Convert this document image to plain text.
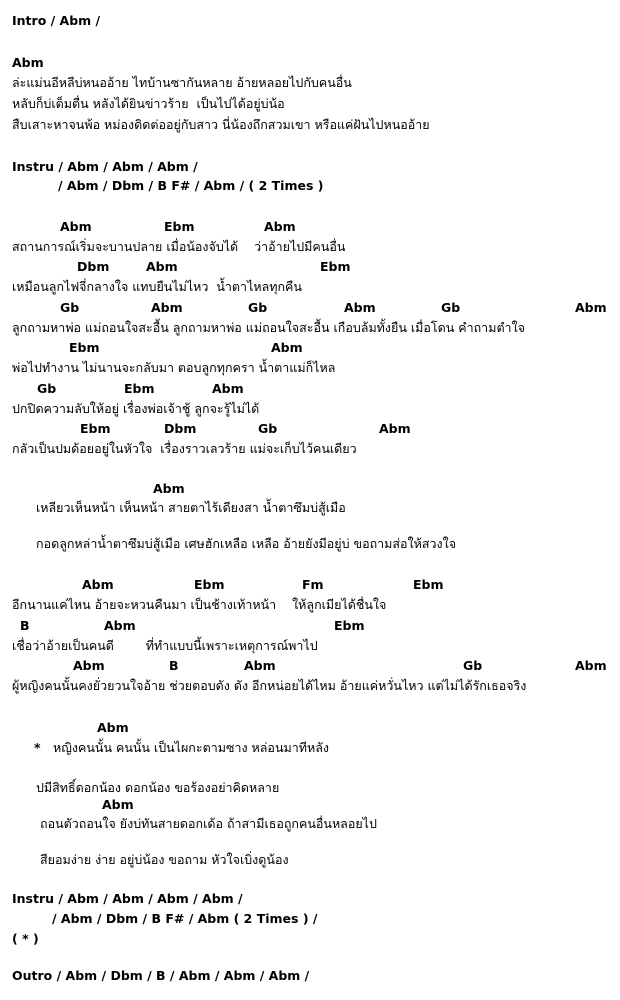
Intro / Abm /
Abm
ล่ะแม่นอีหลีบ่หนออ้าย ไทบ้านซากันหลาย อ้ายหลอยไปกับคนอื่น
หลับก็บ่เต็มตื่น หลังได้ยินข่าวร้าย  เป็นไปได้อยู่บ่น้อ
สืบเสาะหาจนพ้อ หม่องดิดต่ออยู่กับสาว นี่น้องถึกสวมเขา หรือแค่ฝันไปหนออ้าย
Instru / Abm / Abm / Abm /
/ Abm / Dbm / B F# / Abm / ( 2 Times )

Abm

	Ebm

	Abm

สถานการณ์เริ่มจะบานปลาย เมื่อน้องจับได้    ว่าอ้ายไปมีคนอื่น

Dbm

	Abm

	Ebm

เหมือนลูกไฟจี่กลางใจ แทบยืนไม่ไหว  น้ำตาไหลทุกคืน

Gb

	Abm

	Gb

	Abm

	Gb

	Abm

ลูกถามหาพ่อ แม่ถอนใจสะอื้น ลูกถามหาพ่อ แม่ถอนใจสะอื้น เกือบล้มทั้งยืน เมื่อโดน คำถามตำใจ

Ebm

	Abm

พ่อไปทำงาน ไม่นานจะกลับมา ตอบลูกทุกครา น้ำตาแม่ก็ไหล

Gb

	Ebm

	Abm

ปกปิดความลับให้อยู่ เรื่องพ่อเจ้าชู้ ลูกจะรู้ไม่ได้

Ebm

	Dbm

	Gb

	Abm

กลัวเป็นปมด้อยอยู่ในหัวใจ  เรื่องราวเลวร้าย แม่จะเก็บไว้คนเดียว
Abm
เหลียวเห็นหน้า เห็นหน้า สายตาไร้เดียงสา น้ำตาซึมบ่สู้เมือ
กอดลูกหล่าน้ำตาซึมบ่สู้เมือ เศษฮักเหลือ เหลือ อ้ายยังมีอยู่บ่ ขอถามส่อให้สวงใจ

Abm

	Ebm

	Fm

	Ebm

อีกนานแค่ไหน อ้ายจะหวนคืนมา เป็นช้างเท้าหน้า    ให้ลูกเมียได้ชื่นใจ

B

	Abm

	Ebm

เชื่อว่าอ้ายเป็นคนดี        ที่ทำแบบนี้เพราะเหตุการณ์พาไป

Abm

	B

	Abm

	Gb

	Abm

ผู้หญิงคนนั้นคงยั่วยวนใจอ้าย ช่วยตอบดัง ดัง อีกหน่อยได้ไหม อ้ายแค่หวั่นไหว แต่ไม่ได้รักเธอจริง
Abm
* หญิงคนนั้น คนนั้น เป็นไผกะตามซาง หล่อนมาทีหลัง
ปมีสิทธิ์ดอกน้อง ดอกน้อง ขอร้องอย่าคิดหลาย
Abm
ถอนตัวถอนใจ ยังบ่ทันสายดอกเด้อ ถ้าสามีเธอถูกคนอื่นหลอยไป
สียอมง่าย ง่าย อยู่บ่น้อง ขอถาม หัวใจเบิ่งดูน้อง
Instru / Abm / Abm / Abm / Abm /
/ Abm / Dbm / B F# / Abm ( 2 Times ) /
( * )
Outro / Abm / Dbm / B / Abm / Abm / Abm /
